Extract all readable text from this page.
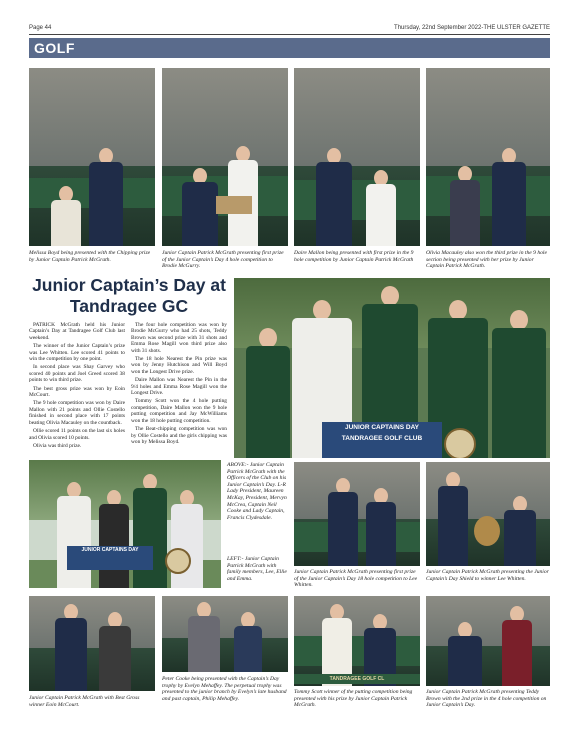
Page 44	Thursday, 22nd September 2022-THE ULSTER GAZETTE
GOLF
Melissa Boyd being presented with the Chipping prize by Junior Captain Patrick McGrath.
Junior Captain Patrick McGrath presenting first prize of the Junior Captain’s Day 4 hole competition to Brodie McGurry.
Daire Mallon being presented with first prize in the 9 hole competition by Junior Captain Patrick McGrath
Olivia Macauley also won the third prize in the 9 hole section being presented with her prize by Junior Captain Patrick McGrath.
Junior Captain’s Day at Tandragee GC

PATRICK McGrath held his Junior Captain’s Day at Tandragee Golf Club last weekend.

The winner of the Junior Captain’s prize was Lee Whitten. Lee scored 41 points to win the competition by one point.

In second place was Shay Garvey who scored 40 points and Joel Greed scored 38 points to win third prize.

The best gross prize was won by Eoin McCourt.

The 9 hole competition was won by Daire Mallon with 21 points and Ollie Costello finished in second place with 17 points beating Olivia Macauley on the countback.

Ollie scored 11 points on the last six holes and Olivia scored 10 points.

Olivia was third prize.

The four hole competition was won by Brodie McGurry who had 25 shots, Teddy Brown was second prize with 31 shots and Emma Rose Magill won third prize also with 31 shots.

The 18 hole Nearest the Pin prize was won by Jenny Hutchison and Will Boyd won the Longest Drive prize.

Daire Mallon was Nearest the Pin in the 9/4 holes and Emma Rose Magill won the Longest Drive.

Tommy Scott won the 4 hole putting competition, Daire Mallon won the 9 hole putting competition and Jay McWilliams won the 18 hole putting competition.

The Beat-chipping competition was won by Ollie Costello and the girls chipping was won by Melissa Boyd.

JUNIOR CAPTAINS DAY
TANDRAGEE GOLF CLUB
JUNIOR CAPTAINS DAY
ABOVE:- Junior Captain Patrick McGrath with the Officers of the Club on his Junior Captain’s Day. L-R Lady President, Maureen McKay, President, Mervyn McCrea, Captain Neil Cooke and Lady Captain, Francis Clydesdale.
LEFT:- Junior Captain Patrick McGrath with family members, Lee, Ellie and Emma.
Junior Captain Patrick McGrath presenting first prize of the Junior Captain’s Day 18 hole competition to Lee Whitten.
Junior Captain Patrick McGrath presenting the Junior Captain’s Day Shield to winner Lee Whitten.
TANDRAGEE GOLF CL
Junior Captain Patrick McGrath with Best Gross winner Eoin McCourt.
Peter Cooke being presented with the Captain’s Day trophy by Evelyn Mehaffey. The perpetual trophy was presented to the junior branch by Evelyn’s late husband and past captain, Philip Mehaffey.
Tommy Scott winner of the putting competition being presented with his prize by Junior Captain Patrick McGrath.
Junior Captain Patrick McGrath presenting Teddy Brown with the 2nd prize in the 4 hole competition on Junior Captain’s Day.
